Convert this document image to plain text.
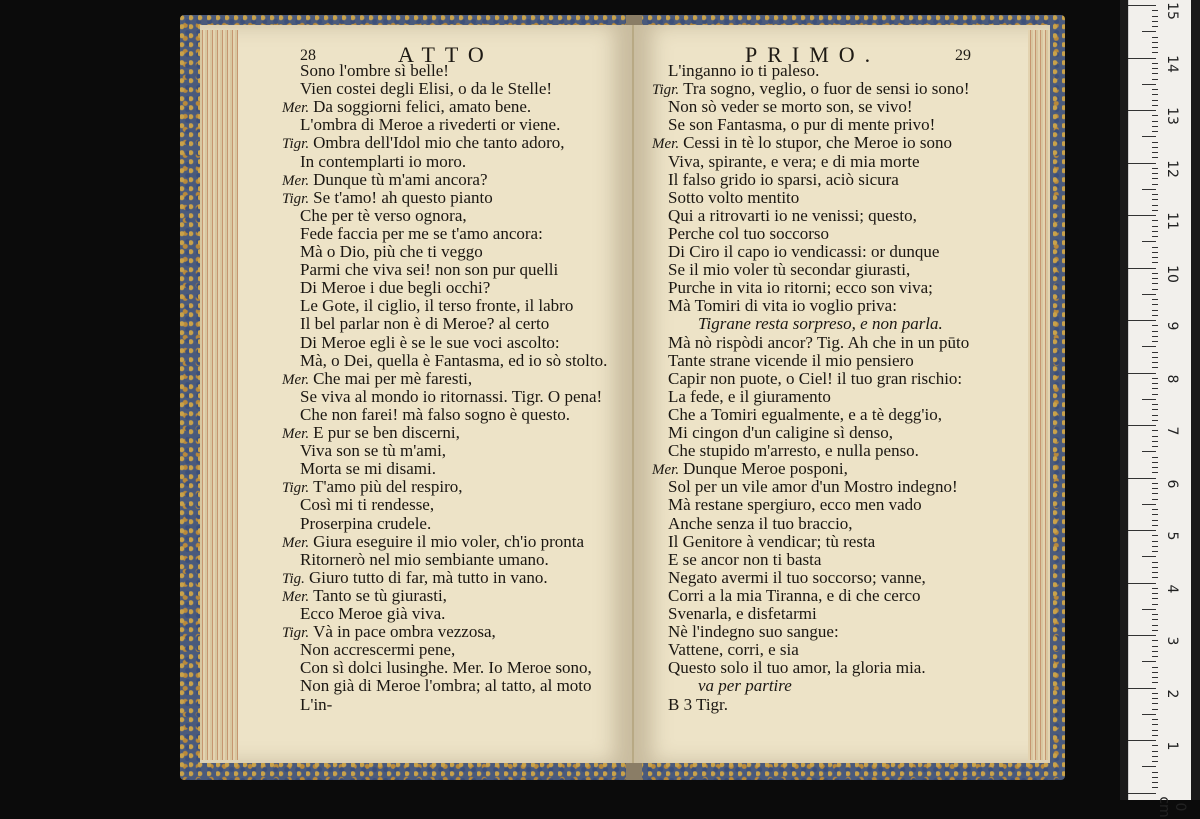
28	ATTO	PRIMO.	29
Sono l'ombre sì belle!
Vien costei degli Elisi, o da le Stelle!
Mer. Da soggiorni felici, amato bene.
L'ombra di Meroe a rivederti or viene.
Tigr. Ombra dell'Idol mio che tanto adoro,
In contemplarti io moro.
Mer. Dunque tù m'ami ancora?
Tigr. Se t'amo! ah questo pianto
Che per tè verso ognora,
Fede faccia per me se t'amo ancora:
Mà o Dio, più che ti veggo
Parmi che viva sei! non son pur quelli
Di Meroe i due begli occhi?
Le Gote, il ciglio, il terso fronte, il labro
Il bel parlar non è di Meroe? al certo
Di Meroe egli è se le sue voci ascolto:
Mà, o Dei, quella è Fantasma, ed io sò stolto.
Mer. Che mai per mè faresti,
Se viva al mondo io ritornassi. Tigr. O pena!
Che non farei! mà falso sogno è questo.
Mer. E pur se ben discerni,
Viva son se tù m'ami,
Morta se mi disami.
Tigr. T'amo più del respiro,
Così mi ti rendesse,
Proserpina crudele.
Mer. Giura eseguire il mio voler, ch'io pronta
Ritornerò nel mio sembiante umano.
Tig. Giuro tutto di far, mà tutto in vano.
Mer. Tanto se tù giurasti,
Ecco Meroe già viva.
Tigr. Và in pace ombra vezzosa,
Non accrescermi pene,
Con sì dolci lusinghe. Mer. Io Meroe sono,
Non già di Meroe l'ombra; al tatto, al moto
L'in-
L'inganno io ti paleso.
Tigr. Tra sogno, veglio, o fuor de sensi io sono!
Non sò veder se morto son, se vivo!
Se son Fantasma, o pur di mente privo!
Mer. Cessi in tè lo stupor, che Meroe io sono
Viva, spirante, e vera; e di mia morte
Il falso grido io sparsi, aciò sicura
Sotto volto mentito
Qui a ritrovarti io ne venissi; questo,
Perche col tuo soccorso
Di Ciro il capo io vendicassi: or dunque
Se il mio voler tù secondar giurasti,
Purche in vita io ritorni; ecco son viva;
Mà Tomiri di vita io voglio priva:
Tigrane resta sorpreso, e non parla.
Mà nò rispòdi ancor? Tig. Ah che in un pūto
Tante strane vicende il mio pensiero
Capir non puote, o Ciel! il tuo gran rischio:
La fede, e il giuramento
Che a Tomiri egualmente, e a tè degg'io,
Mi cingon d'un caligine sì denso,
Che stupido m'arresto, e nulla penso.
Mer. Dunque Meroe posponi,
Sol per un vile amor d'un Mostro indegno!
Mà restane spergiuro, ecco men vado
Anche senza il tuo braccio,
Il Genitore à vendicar; tù resta
E se ancor non ti basta
Negato avermi il tuo soccorso; vanne,
Corri a la mia Tiranna, e di che cerco
Svenarla, e disfetarmi
Nè l'indegno suo sangue:
Vattene, corri, e sia
Questo solo il tuo amor, la gloria mia.
va per partire
B 3 Tigr.
15
14
13
12
11
10
9
8
7
6
5
4
3
2
1
0 cm
